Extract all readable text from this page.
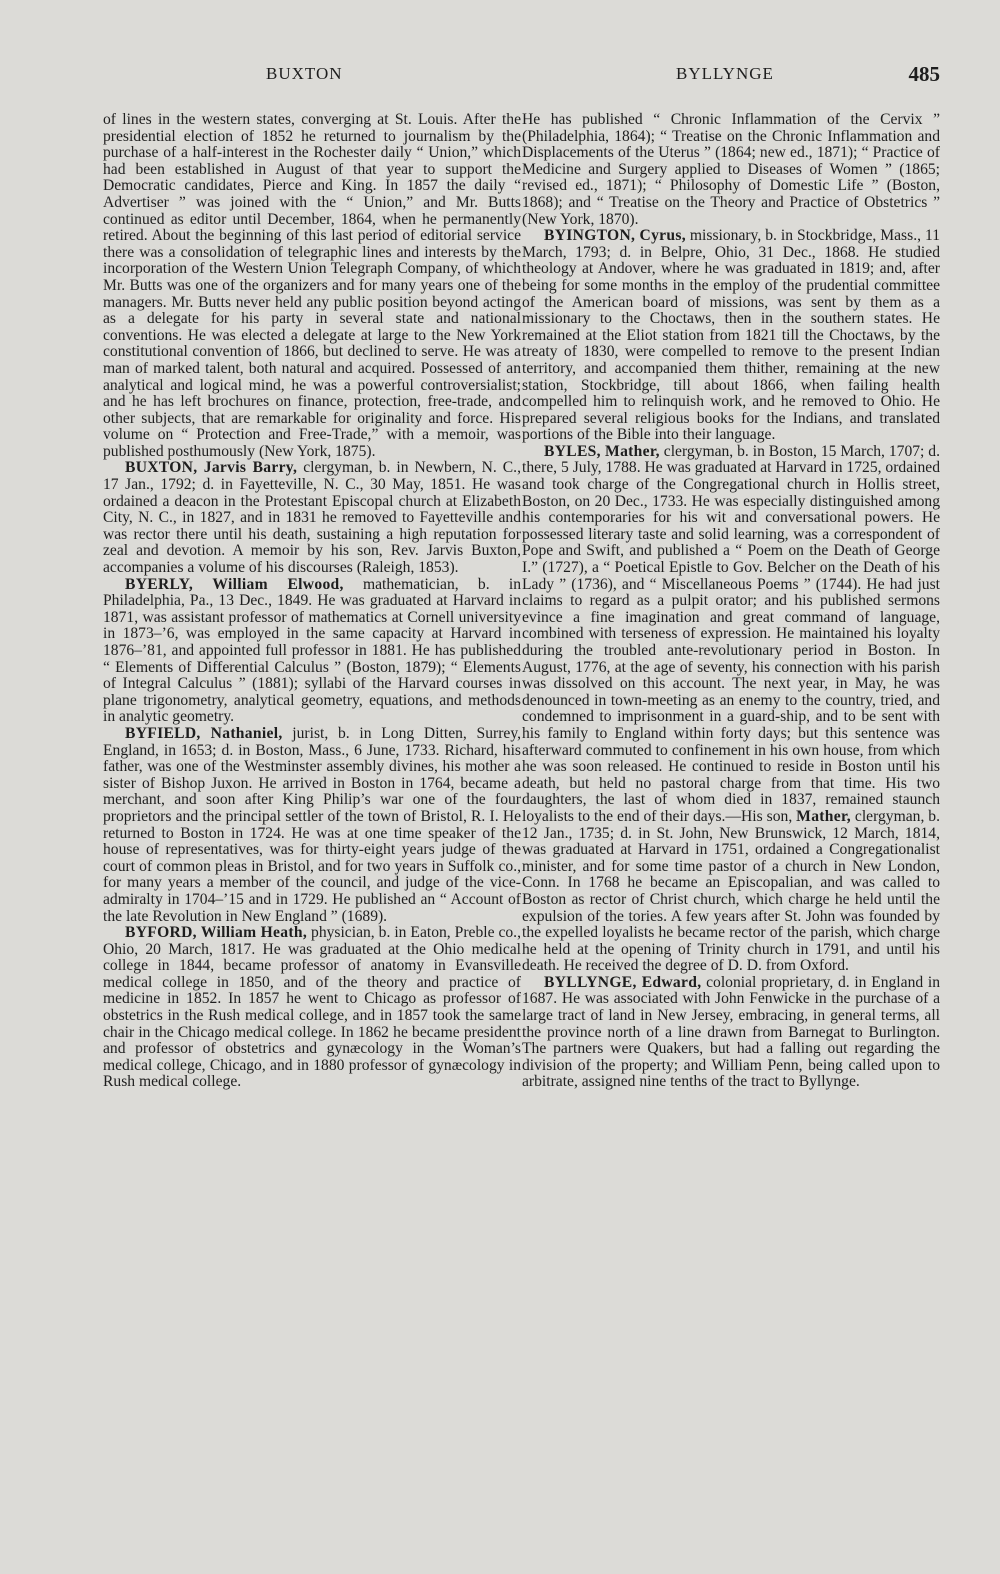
BUXTON	BYLLYNGE	485

of lines in the western states, converging at St. Louis. After the presidential election of 1852 he returned to journalism by the purchase of a half-interest in the Rochester daily “ Union,” which had been established in August of that year to support the Democratic candidates, Pierce and King. In 1857 the daily “ Advertiser ” was joined with the “ Union,” and Mr. Butts continued as editor until December, 1864, when he permanently retired. About the beginning of this last period of editorial service there was a consolidation of telegraphic lines and interests by the incorporation of the Western Union Telegraph Company, of which Mr. Butts was one of the organizers and for many years one of the managers. Mr. Butts never held any public position beyond acting as a delegate for his party in several state and national conventions. He was elected a delegate at large to the New York constitutional convention of 1866, but declined to serve. He was a man of marked talent, both natural and acquired. Possessed of an analytical and logical mind, he was a powerful controversialist; and he has left brochures on finance, protection, free-trade, and other subjects, that are remarkable for originality and force. His volume on “ Protection and Free-Trade,” with a memoir, was published posthumously (New York, 1875).

BUXTON, Jarvis Barry, clergyman, b. in Newbern, N. C., 17 Jan., 1792; d. in Fayetteville, N. C., 30 May, 1851. He was ordained a deacon in the Protestant Episcopal church at Elizabeth City, N. C., in 1827, and in 1831 he removed to Fayetteville and was rector there until his death, sustaining a high reputation for zeal and devotion. A memoir by his son, Rev. Jarvis Buxton, accompanies a volume of his discourses (Raleigh, 1853).

BYERLY, William Elwood, mathematician, b. in Philadelphia, Pa., 13 Dec., 1849. He was graduated at Harvard in 1871, was assistant professor of mathematics at Cornell university in 1873–’6, was employed in the same capacity at Harvard in 1876–’81, and appointed full professor in 1881. He has published “ Elements of Differential Calculus ” (Boston, 1879); “ Elements of Integral Calculus ” (1881); syllabi of the Harvard courses in plane trigonometry, analytical geometry, equations, and methods in analytic geometry.

BYFIELD, Nathaniel, jurist, b. in Long Ditten, Surrey, England, in 1653; d. in Boston, Mass., 6 June, 1733. Richard, his father, was one of the Westminster assembly divines, his mother a sister of Bishop Juxon. He arrived in Boston in 1764, became a merchant, and soon after King Philip’s war one of the four proprietors and the principal settler of the town of Bristol, R. I. He returned to Boston in 1724. He was at one time speaker of the house of representatives, was for thirty-eight years judge of the court of common pleas in Bristol, and for two years in Suffolk co., for many years a member of the council, and judge of the vice-admiralty in 1704–’15 and in 1729. He published an “ Account of the late Revolution in New England ” (1689).

BYFORD, William Heath, physician, b. in Eaton, Preble co., Ohio, 20 March, 1817. He was graduated at the Ohio medical college in 1844, became professor of anatomy in Evansville medical college in 1850, and of the theory and practice of medicine in 1852. In 1857 he went to Chicago as professor of obstetrics in the Rush medical college, and in 1857 took the same chair in the Chicago medical college. In 1862 he became president and professor of obstetrics and gynæcology in the Woman’s medical college, Chicago, and in 1880 professor of gynæcology in Rush medical college.

He has published “ Chronic Inflammation of the Cervix ” (Philadelphia, 1864); “ Treatise on the Chronic Inflammation and Displacements of the Uterus ” (1864; new ed., 1871); “ Practice of Medicine and Surgery applied to Diseases of Women ” (1865; revised ed., 1871); “ Philosophy of Domestic Life ” (Boston, 1868); and “ Treatise on the Theory and Practice of Obstetrics ” (New York, 1870).

BYINGTON, Cyrus, missionary, b. in Stockbridge, Mass., 11 March, 1793; d. in Belpre, Ohio, 31 Dec., 1868. He studied theology at Andover, where he was graduated in 1819; and, after being for some months in the employ of the prudential committee of the American board of missions, was sent by them as a missionary to the Choctaws, then in the southern states. He remained at the Eliot station from 1821 till the Choctaws, by the treaty of 1830, were compelled to remove to the present Indian territory, and accompanied them thither, remaining at the new station, Stockbridge, till about 1866, when failing health compelled him to relinquish work, and he removed to Ohio. He prepared several religious books for the Indians, and translated portions of the Bible into their language.

BYLES, Mather, clergyman, b. in Boston, 15 March, 1707; d. there, 5 July, 1788. He was graduated at Harvard in 1725, ordained and took charge of the Congregational church in Hollis street, Boston, on 20 Dec., 1733. He was especially distinguished among his contemporaries for his wit and conversational powers. He possessed literary taste and solid learning, was a correspondent of Pope and Swift, and published a “ Poem on the Death of George I.” (1727), a “ Poetical Epistle to Gov. Belcher on the Death of his Lady ” (1736), and “ Miscellaneous Poems ” (1744). He had just claims to regard as a pulpit orator; and his published sermons evince a fine imagination and great command of language, combined with terseness of expression. He maintained his loyalty during the troubled ante-revolutionary period in Boston. In August, 1776, at the age of seventy, his connection with his parish was dissolved on this account. The next year, in May, he was denounced in town-meeting as an enemy to the country, tried, and condemned to imprisonment in a guard-ship, and to be sent with his family to England within forty days; but this sentence was afterward commuted to confinement in his own house, from which he was soon released. He continued to reside in Boston until his death, but held no pastoral charge from that time. His two daughters, the last of whom died in 1837, remained staunch loyalists to the end of their days.—His son, Mather, clergyman, b. 12 Jan., 1735; d. in St. John, New Brunswick, 12 March, 1814, was graduated at Harvard in 1751, ordained a Congregationalist minister, and for some time pastor of a church in New London, Conn. In 1768 he became an Episcopalian, and was called to Boston as rector of Christ church, which charge he held until the expulsion of the tories. A few years after St. John was founded by the expelled loyalists he became rector of the parish, which charge he held at the opening of Trinity church in 1791, and until his death. He received the degree of D. D. from Oxford.

BYLLYNGE, Edward, colonial proprietary, d. in England in 1687. He was associated with John Fenwicke in the purchase of a large tract of land in New Jersey, embracing, in general terms, all the province north of a line drawn from Barnegat to Burlington. The partners were Quakers, but had a falling out regarding the division of the property; and William Penn, being called upon to arbitrate, assigned nine tenths of the tract to Byllynge.
